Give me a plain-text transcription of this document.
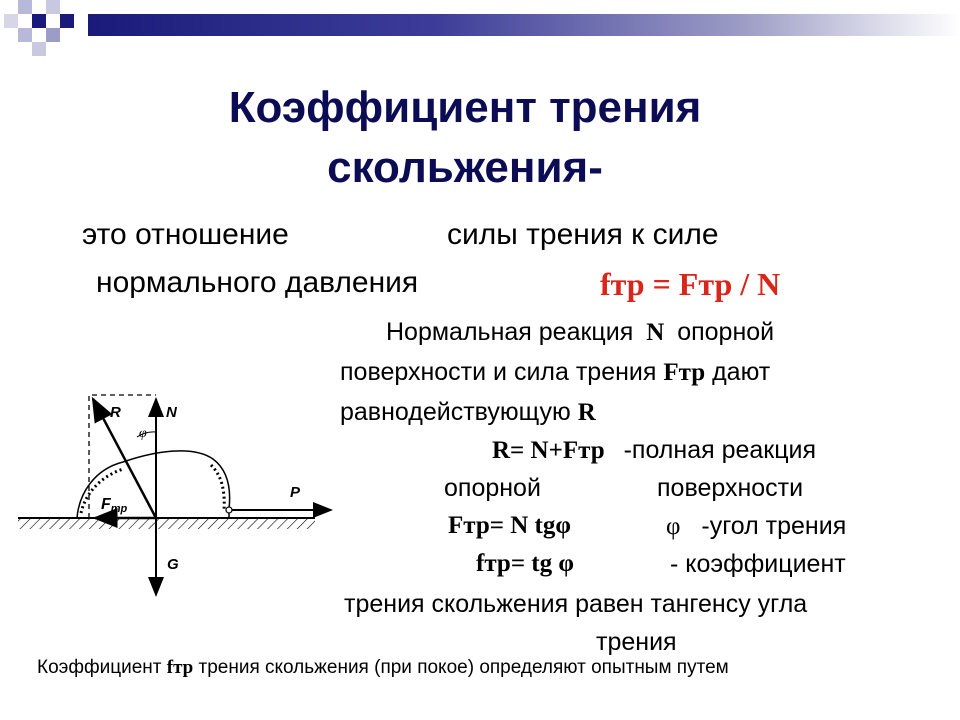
Коэффициент трения
скольжения-
это отношение	силы трения к силе
нормального давления	fтр = Fтр / N
Нормальная реакция N опорной
поверхности и сила трения Fтр дают
равнодействующую R
R= N+Fтр -полная реакция
опорной	поверхности
Fтр= N tgφ	φ -угол трения
fтр= tg φ	- коэффициент
трения скольжения равен тангенсу угла
трения
Коэффициент fтр трения скольжения (при покое) определяют опытным путем
R	N
φ
Fтр
P
G
